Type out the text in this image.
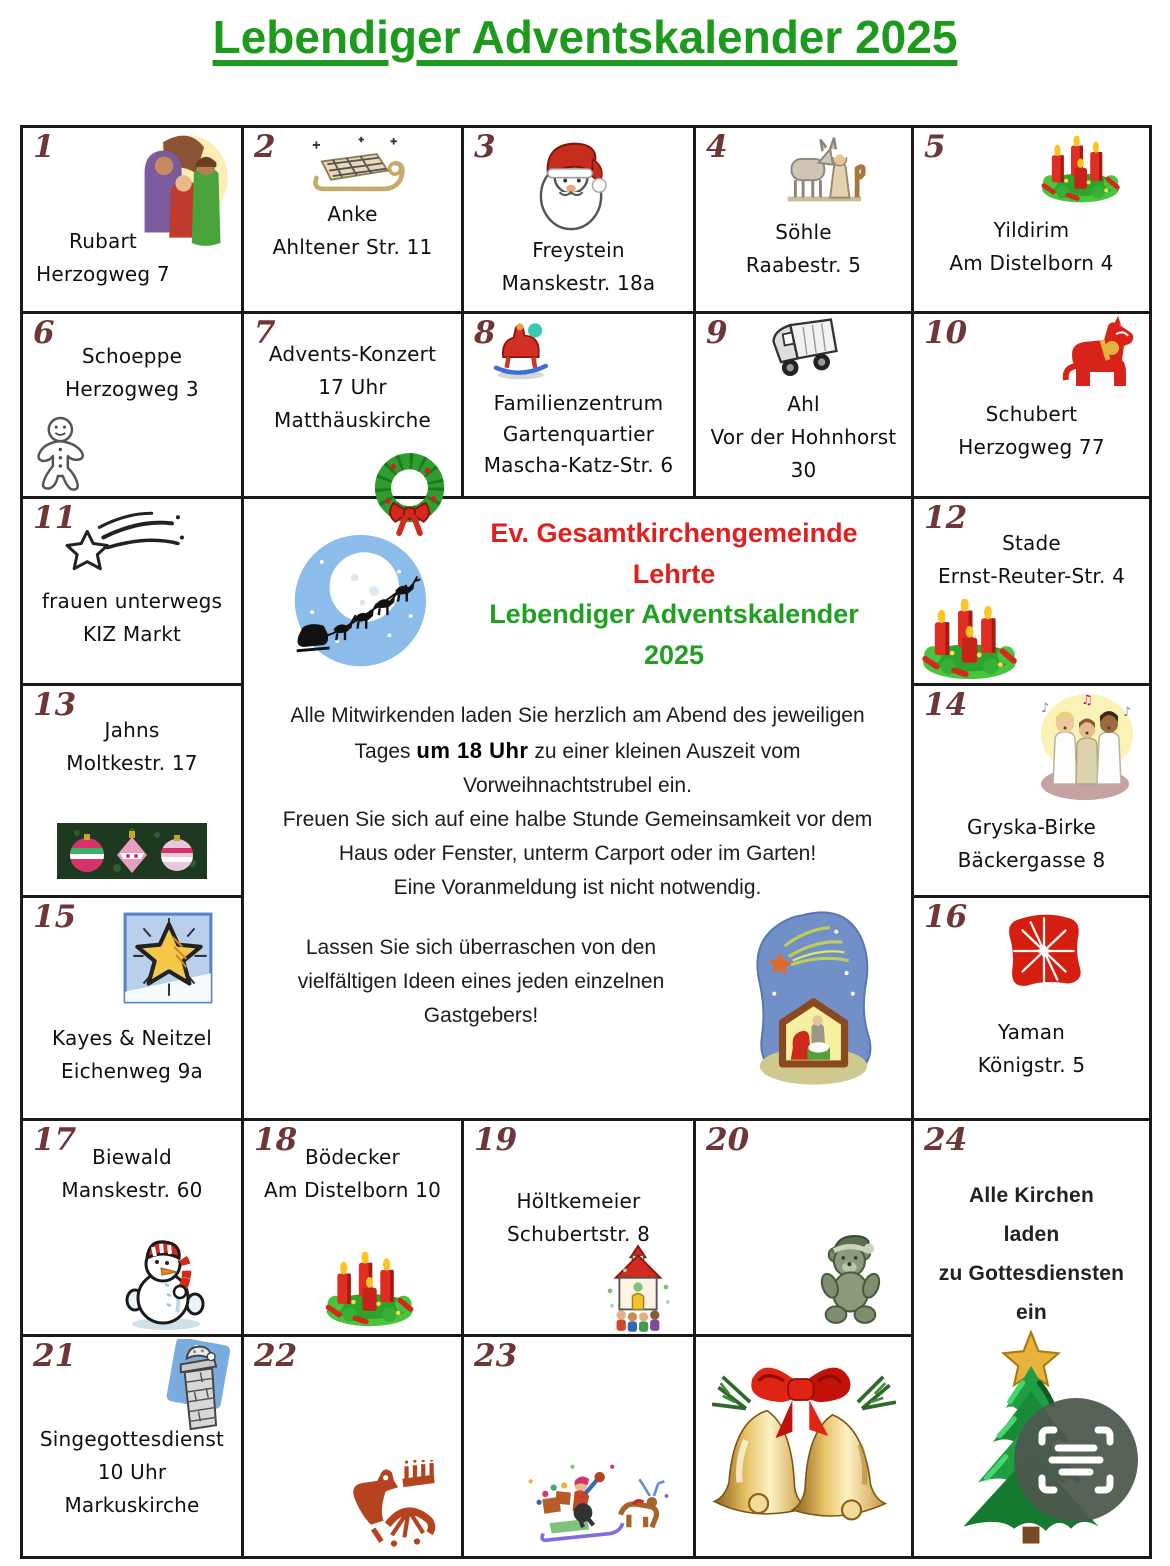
Lebendiger Adventskalender 2025
1
Rubart
Herzogweg 7
2
Anke
Ahltener Str. 11
3
Freystein
Manskestr. 18a
4
Söhle
Raabestr. 5
5
Yildirim
Am Distelborn 4
6
Schoeppe
Herzogweg 3
7
Advents-Konzert
17 Uhr
Matthäuskirche
8
Familienzentrum
Gartenquartier
Mascha-Katz-Str. 6
9
Ahl
Vor der Hohnhorst
30
10
Schubert
Herzogweg 77
11
frauen unterwegs
KIZ Markt
Ev. Gesamtkirchengemeinde
Lehrte
Lebendiger Adventskalender
2025
Alle Mitwirkenden laden Sie herzlich am Abend des jeweiligen Tages um 18 Uhr zu einer kleinen Auszeit vom Vorweihnachtstrubel ein.
Freuen Sie sich auf eine halbe Stunde Gemeinsamkeit vor dem Haus oder Fenster, unterm Carport oder im Garten!
Eine Voranmeldung ist nicht notwendig.
Lassen Sie sich überraschen von den vielfältigen Ideen eines jeden einzelnen Gastgebers!
12
Stade
Ernst-Reuter-Str. 4
13
Jahns
Moltkestr. 17
14
Gryska-Birke
Bäckergasse 8
15
Kayes & Neitzel
Eichenweg 9a
16
Yaman
Königstr. 5
17 Biewald
Manskestr. 60
18 Bödecker
Am Distelborn 10
19
Höltkemeier
Schubertstr. 8
20	24
Alle Kirchen
laden
zu Gottesdiensten
ein
21
Singegottesdienst
10 Uhr
Markuskirche
22	23
